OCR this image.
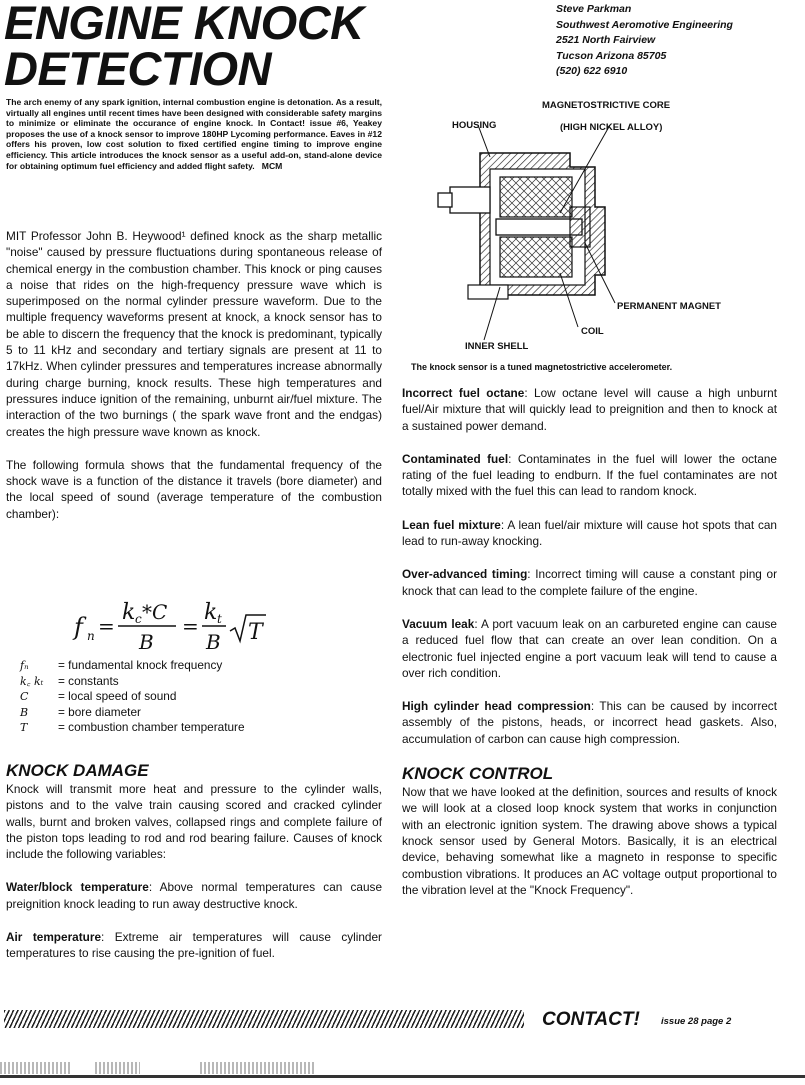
ENGINE KNOCK
DETECTION
Steve Parkman
Southwest Aeromotive Engineering
2521 North Fairview
Tucson Arizona 85705
(520) 622 6910
The arch enemy of any spark ignition, internal combustion engine is detonation. As a result, virtually all engines until recent times have been designed with considerable safety margins to minimize or eliminate the occurance of engine knock. In Contact! issue #6, Yeakey proposes the use of a knock sensor to improve 180HP Lycoming performance. Eaves in #12 offers his proven, low cost solution to fixed certified engine timing to improve engine efficiency. This article introduces the knock sensor as a useful add-on, stand-alone device for obtaining optimum fuel efficiency and added flight safety. MCM

MIT Professor John B. Heywood¹ defined knock as the sharp metallic "noise" caused by pressure fluctuations during spontaneous release of chemical energy in the combustion chamber. This knock or ping causes a noise that rides on the high-frequency pressure wave which is superimposed on the normal cylinder pressure waveform. Due to the multiple frequency waveforms present at knock, a knock sensor has to be able to discern the frequency that the knock is predominant, typically 5 to 11 kHz and secondary and tertiary signals are present at 11 to 17kHz. When cylinder pressures and temperatures increase abnormally during charge burning, knock results. These high temperatures and pressures induce ignition of the remaining, unburnt air/fuel mixture. The interaction of the two burnings ( the spark wave front and the endgas) creates the high pressure wave known as knock.

The following formula shows that the fundamental frequency of the shock wave is a function of the distance it travels (bore diameter) and the local speed of sound (average temperature of the combustion chamber):

f n =
k c *C
B
=
k t
B T
fₙ = fundamental knock frequency
k꜀ kₜ = constants
C	= local speed of sound
B	= bore diameter
T	= combustion chamber temperature
KNOCK DAMAGE

Knock will transmit more heat and pressure to the cylinder walls, pistons and to the valve train causing scored and cracked cylinder walls, burnt and broken valves, collapsed rings and complete failure of the piston tops leading to rod and rod bearing failure. Causes of knock include the following variables:

Water/block temperature: Above normal temperatures can cause preignition knock leading to run away destructive knock.

Air temperature: Extreme air temperatures will cause cylinder temperatures to rise causing the pre-ignition of fuel.

MAGNETOSTRICTIVE CORE
(HIGH NICKEL ALLOY)
HOUSING
PERMANENT MAGNET
COIL
INNER SHELL
The knock sensor is a tuned magnetostrictive accelerometer.

Incorrect fuel octane: Low octane level will cause a high unburnt fuel/Air mixture that will quickly lead to preignition and then to knock at a sustained power demand.

Contaminated fuel: Contaminates in the fuel will lower the octane rating of the fuel leading to endburn. If the fuel contaminates are not totally mixed with the fuel this can lead to random knock.

Lean fuel mixture: A lean fuel/air mixture will cause hot spots that can lead to run-away knocking.

Over-advanced timing: Incorrect timing will cause a constant ping or knock that can lead to the complete failure of the engine.

Vacuum leak: A port vacuum leak on an carbureted engine can cause a reduced fuel flow that can create an over lean condition. On a electronic fuel injected engine a port vacuum leak will tend to cause a over rich condition.

High cylinder head compression: This can be caused by incorrect assembly of the pistons, heads, or incorrect head gaskets. Also, accumulation of carbon can cause high compression.

KNOCK CONTROL

Now that we have looked at the definition, sources and results of knock we will look at a closed loop knock system that works in conjunction with an electronic ignition system. The drawing above shows a typical knock sensor used by General Motors. Basically, it is an electrical device, behaving somewhat like a magneto in response to specific combustion vibrations. It produces an AC voltage output proportional to the vibration level at the "Knock Frequency".

CONTACT! issue 28 page 2
